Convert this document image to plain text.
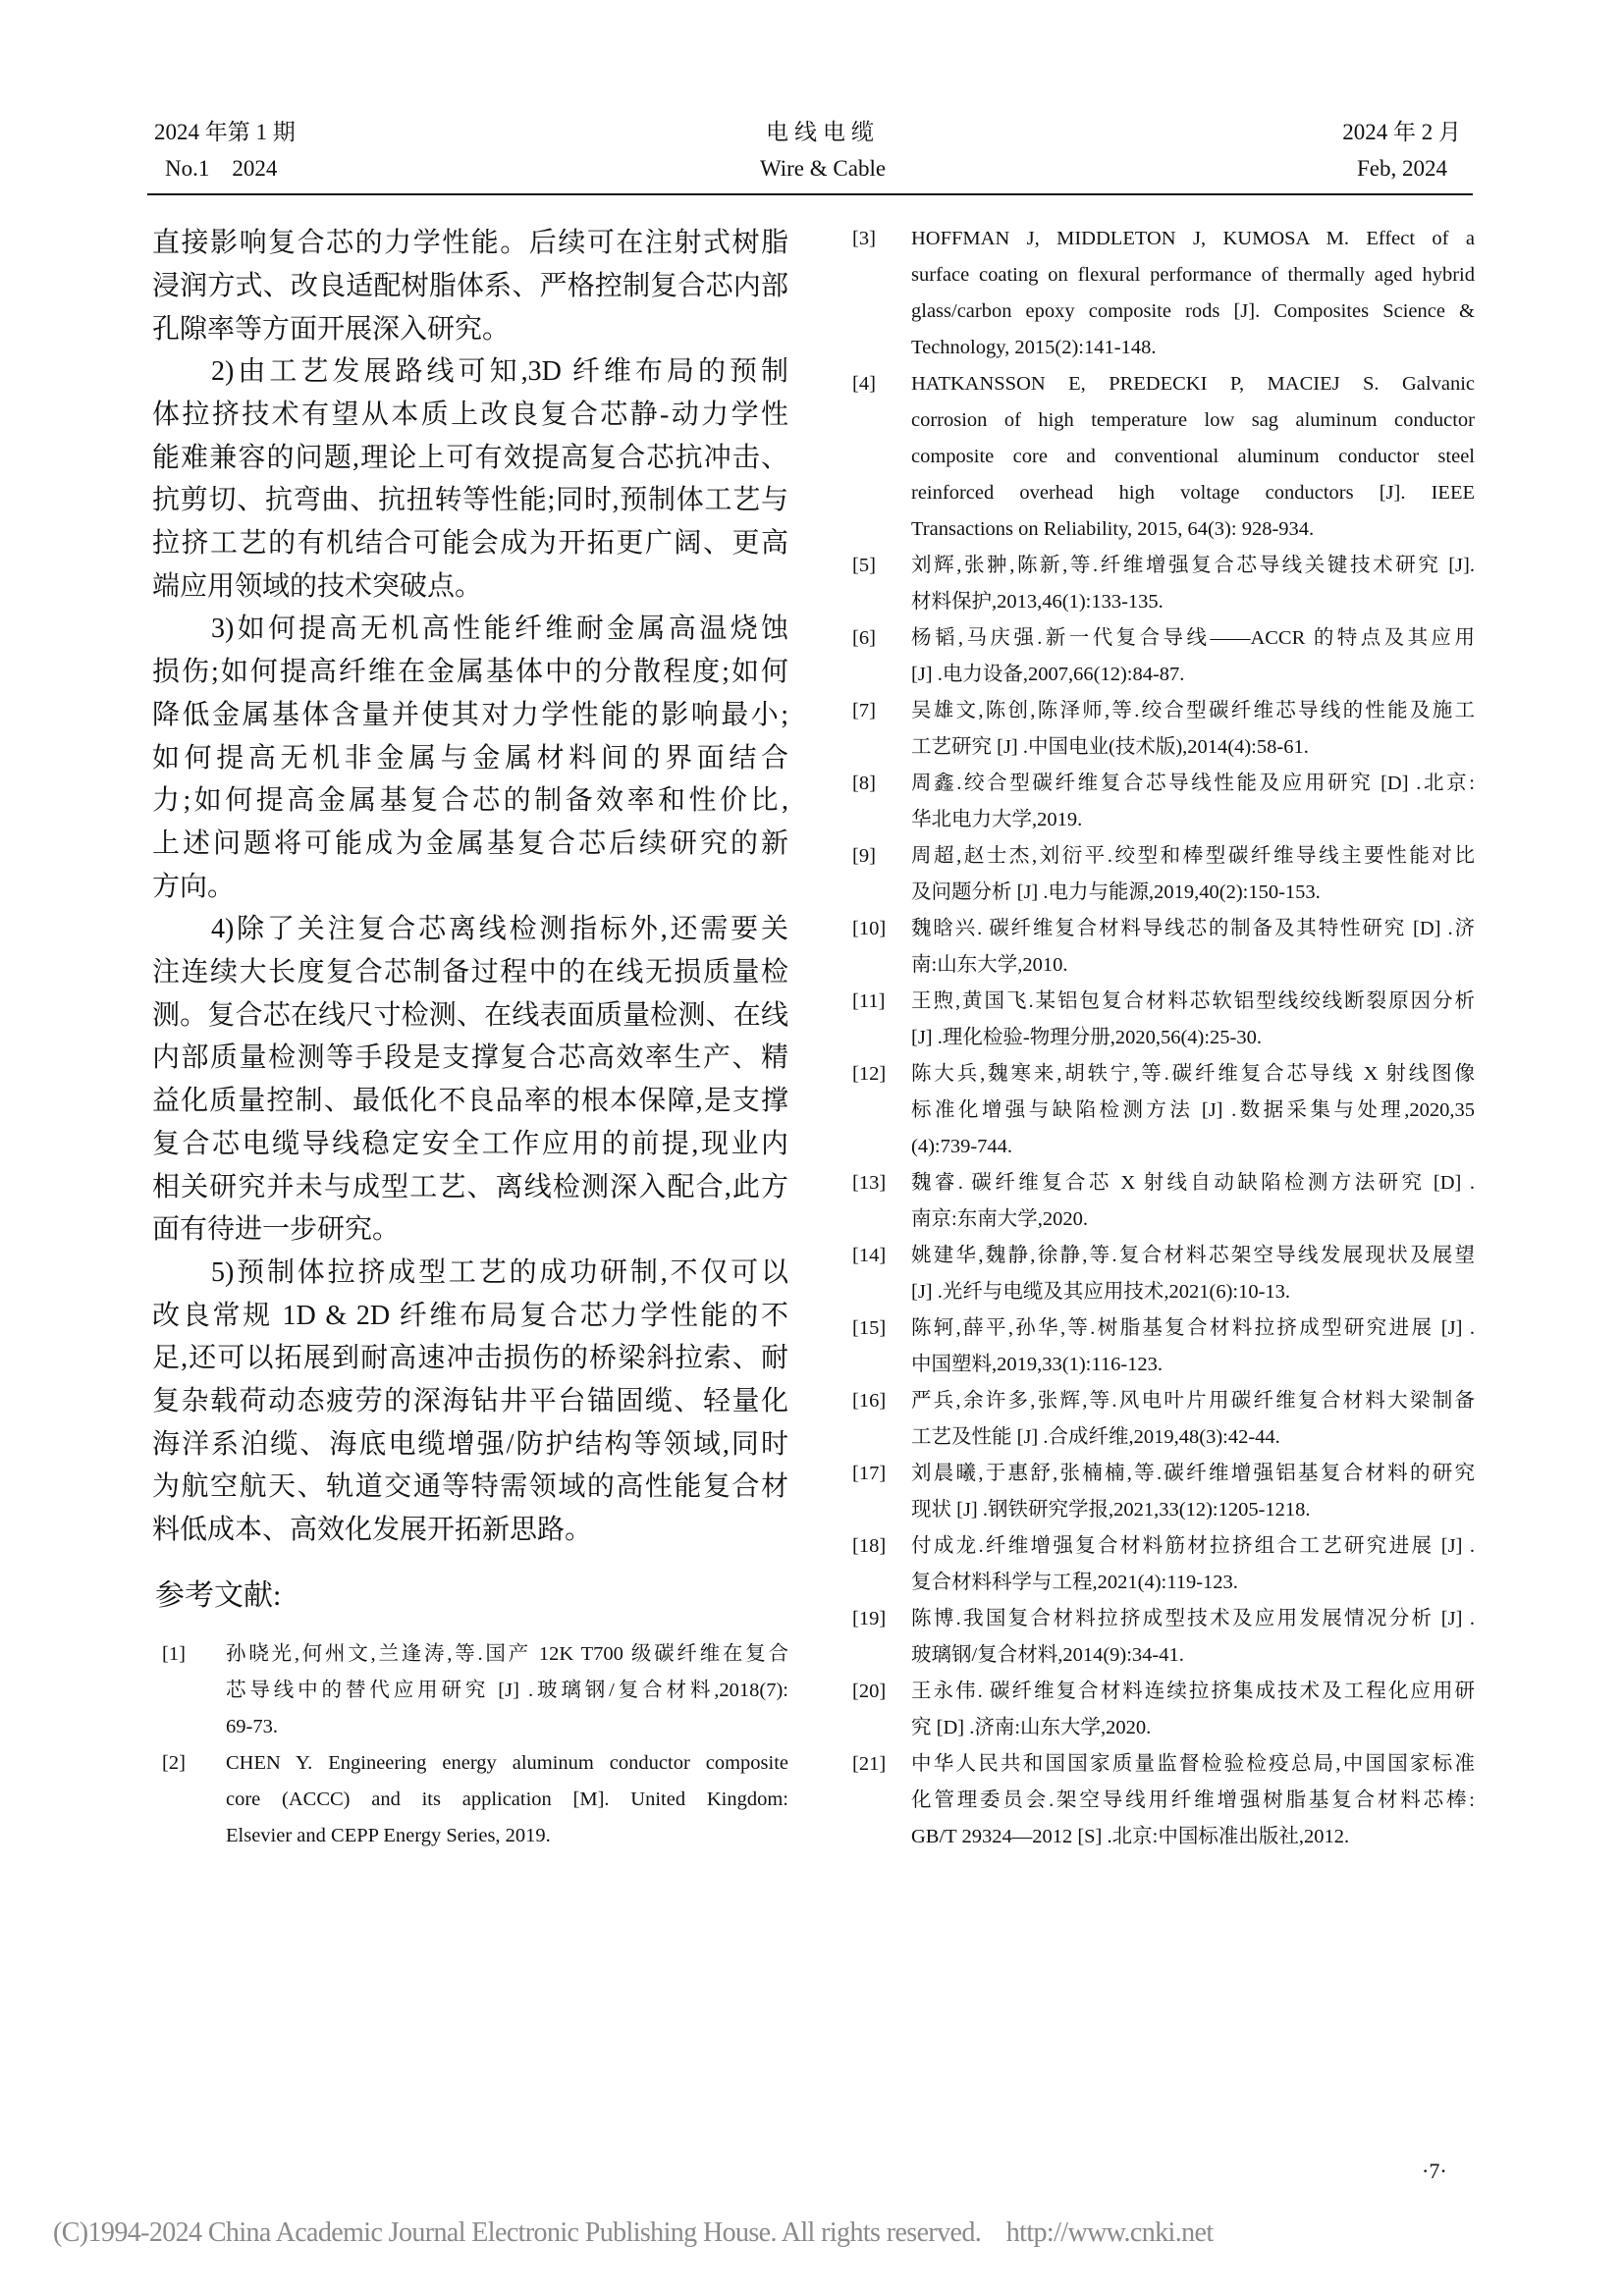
2024 年第 1 期
No.1    2024
电线电缆
Wire & Cable
2024 年 2 月
Feb, 2024
直接影响复合芯的力学性能。后续可在注射式树脂
浸润方式、改良适配树脂体系、严格控制复合芯内部
孔隙率等方面开展深入研究。
2)由工艺发展路线可知,3D 纤维布局的预制
体拉挤技术有望从本质上改良复合芯静-动力学性
能难兼容的问题,理论上可有效提高复合芯抗冲击、
抗剪切、抗弯曲、抗扭转等性能;同时,预制体工艺与
拉挤工艺的有机结合可能会成为开拓更广阔、更高
端应用领域的技术突破点。
3)如何提高无机高性能纤维耐金属高温烧蚀
损伤;如何提高纤维在金属基体中的分散程度;如何
降低金属基体含量并使其对力学性能的影响最小;
如何提高无机非金属与金属材料间的界面结合
力;如何提高金属基复合芯的制备效率和性价比,
上述问题将可能成为金属基复合芯后续研究的新
方向。
4)除了关注复合芯离线检测指标外,还需要关
注连续大长度复合芯制备过程中的在线无损质量检
测。复合芯在线尺寸检测、在线表面质量检测、在线
内部质量检测等手段是支撑复合芯高效率生产、精
益化质量控制、最低化不良品率的根本保障,是支撑
复合芯电缆导线稳定安全工作应用的前提,现业内
相关研究并未与成型工艺、离线检测深入配合,此方
面有待进一步研究。
5)预制体拉挤成型工艺的成功研制,不仅可以
改良常规 1D & 2D 纤维布局复合芯力学性能的不
足,还可以拓展到耐高速冲击损伤的桥梁斜拉索、耐
复杂载荷动态疲劳的深海钻井平台锚固缆、轻量化
海洋系泊缆、海底电缆增强/防护结构等领域,同时
为航空航天、轨道交通等特需领域的高性能复合材
料低成本、高效化发展开拓新思路。
参考文献:
[1] 孙晓光,何州文,兰逢涛,等.国产 12K T700 级碳纤维在复合
芯导线中的替代应用研究 [J] .玻璃钢/复合材料,2018(7):
69-73.
[2] CHEN Y. Engineering energy aluminum conductor composite
core (ACCC) and its application [M]. United Kingdom:
Elsevier and CEPP Energy Series, 2019.
[3] HOFFMAN J, MIDDLETON J, KUMOSA M. Effect of a
surface coating on flexural performance of thermally aged hybrid
glass/carbon epoxy composite rods [J]. Composites Science &
Technology, 2015(2):141-148.
[4] HATKANSSON E, PREDECKI P, MACIEJ S. Galvanic
corrosion of high temperature low sag aluminum conductor
composite core and conventional aluminum conductor steel
reinforced overhead high voltage conductors [J]. IEEE
Transactions on Reliability, 2015, 64(3): 928-934.
[5] 刘辉,张翀,陈新,等.纤维增强复合芯导线关键技术研究 [J].
材料保护,2013,46(1):133-135.
[6] 杨韬,马庆强.新一代复合导线——ACCR 的特点及其应用
[J] .电力设备,2007,66(12):84-87.
[7] 吴雄文,陈创,陈泽师,等.绞合型碳纤维芯导线的性能及施工
工艺研究 [J] .中国电业(技术版),2014(4):58-61.
[8] 周鑫.绞合型碳纤维复合芯导线性能及应用研究 [D] .北京:
华北电力大学,2019.
[9] 周超,赵士杰,刘衍平.绞型和棒型碳纤维导线主要性能对比
及问题分析 [J] .电力与能源,2019,40(2):150-153.
[10] 魏晗兴. 碳纤维复合材料导线芯的制备及其特性研究 [D] .济
南:山东大学,2010.
[11] 王煦,黄国飞.某铝包复合材料芯软铝型线绞线断裂原因分析
[J] .理化检验-物理分册,2020,56(4):25-30.
[12] 陈大兵,魏寒来,胡轶宁,等.碳纤维复合芯导线 X 射线图像
标准化增强与缺陷检测方法 [J] .数据采集与处理,2020,35
(4):739-744.
[13] 魏睿. 碳纤维复合芯 X 射线自动缺陷检测方法研究 [D] .
南京:东南大学,2020.
[14] 姚建华,魏静,徐静,等.复合材料芯架空导线发展现状及展望
[J] .光纤与电缆及其应用技术,2021(6):10-13.
[15] 陈轲,薛平,孙华,等.树脂基复合材料拉挤成型研究进展 [J] .
中国塑料,2019,33(1):116-123.
[16] 严兵,余许多,张辉,等.风电叶片用碳纤维复合材料大梁制备
工艺及性能 [J] .合成纤维,2019,48(3):42-44.
[17] 刘晨曦,于惠舒,张楠楠,等.碳纤维增强铝基复合材料的研究
现状 [J] .钢铁研究学报,2021,33(12):1205-1218.
[18] 付成龙.纤维增强复合材料筋材拉挤组合工艺研究进展 [J] .
复合材料科学与工程,2021(4):119-123.
[19] 陈博.我国复合材料拉挤成型技术及应用发展情况分析 [J] .
玻璃钢/复合材料,2014(9):34-41.
[20] 王永伟. 碳纤维复合材料连续拉挤集成技术及工程化应用研
究 [D] .济南:山东大学,2020.
[21] 中华人民共和国国家质量监督检验检疫总局,中国国家标准
化管理委员会.架空导线用纤维增强树脂基复合材料芯棒:
GB/T 29324—2012 [S] .北京:中国标准出版社,2012.
·7·
(C)1994-2024 China Academic Journal Electronic Publishing House. All rights reserved.    http://www.cnki.net
